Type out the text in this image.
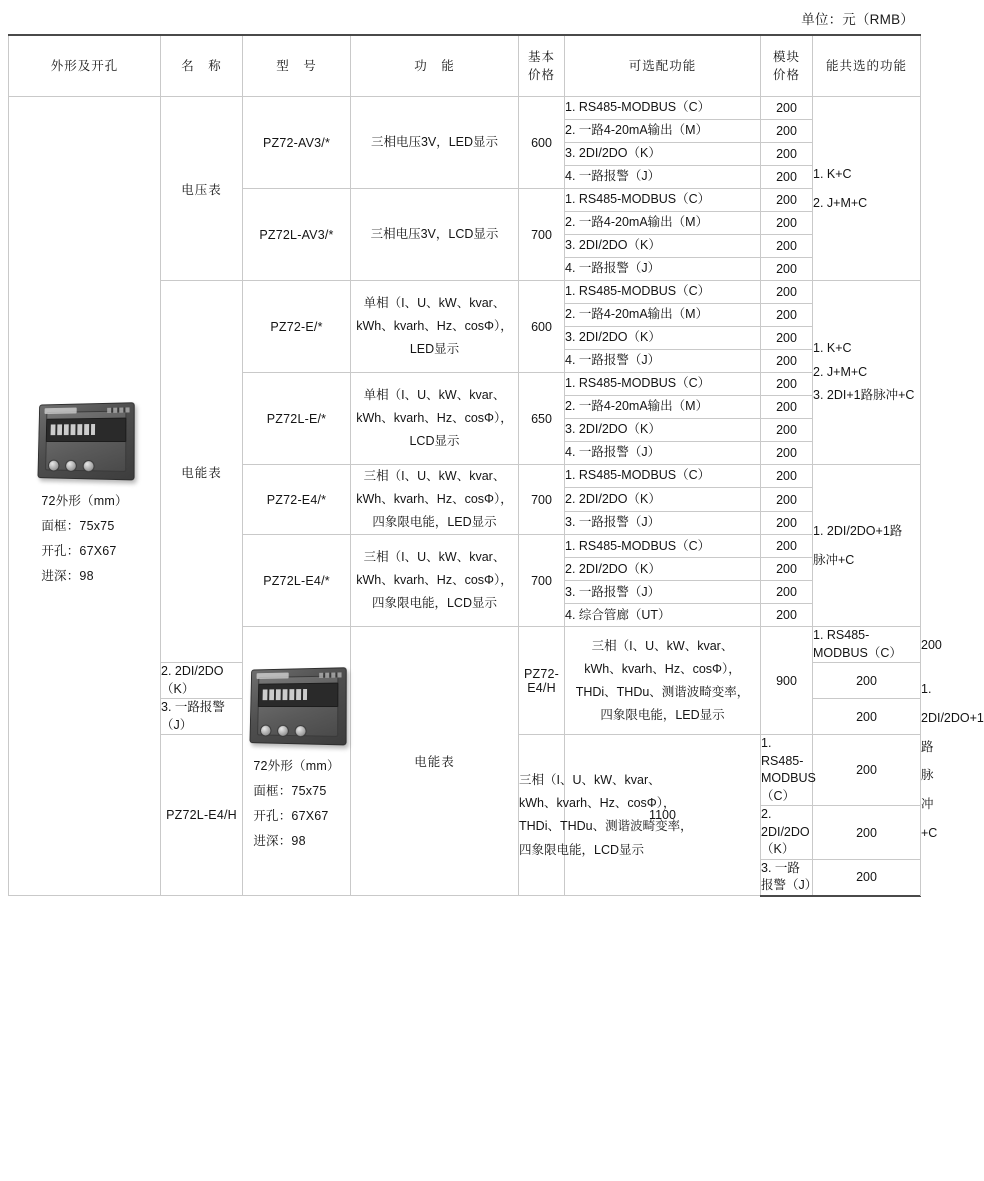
单位：元（RMB）
外形及开孔	名　称	型　号	功　能	
基本
价格
	可选配功能	
模块
价格
	能共选的功能

72外形（mm）
面框：75x75
开孔：67X67
进深：98	电压表	PZ72-AV3/*	三相电压3V，LED显示	600	1. RS485-MODBUS（C）	200	1. K+C
2. J+M+C	

					2. 一路4-20mA输出（M）	200		
					3. 2DI/2DO（K）	200		
					4. 一路报警（J）	200		
		PZ72L-AV3/*	三相电压3V，LCD显示	700	1. RS485-MODBUS（C）	200		
					2. 一路4-20mA输出（M）	200		
					3. 2DI/2DO（K）	200		
					4. 一路报警（J）	200		
	电能表	PZ72-E/*	单相（I、U、kW、kvar、
kWh、kvarh、Hz、cosΦ），
LED显示	600	1. RS485-MODBUS（C）	200	1. K+C
2. J+M+C
3. 2DI+1路脉冲+C	

					2. 一路4-20mA输出（M）	200		
					3. 2DI/2DO（K）	200		
					4. 一路报警（J）	200		
		PZ72L-E/*	单相（I、U、kW、kvar、
kWh、kvarh、Hz、cosΦ），
LCD显示	650	1. RS485-MODBUS（C）	200		
					2. 一路4-20mA输出（M）	200		
					3. 2DI/2DO（K）	200		
					4. 一路报警（J）	200		
		PZ72-E4/*	三相（I、U、kW、kvar、
kWh、kvarh、Hz、cosΦ），
四象限电能，LED显示	700	1. RS485-MODBUS（C）	200	1. 2DI/2DO+1路
脉冲+C	

					2. 2DI/2DO（K）	200		
					3. 一路报警（J）	200		
		PZ72L-E4/*	三相（I、U、kW、kvar、
kWh、kvarh、Hz、cosΦ），
四象限电能，LCD显示	700	1. RS485-MODBUS（C）	200		
					2. 2DI/2DO（K）	200		
					3. 一路报警（J）	200		
					4. 综合管廊（UT）	200		

		72外形（mm）
面框：75x75
开孔：67X67
进深：98	电能表	PZ72-E4/H	三相（I、U、kW、kvar、
kWh、kvarh、Hz、cosΦ），
THDi、THDu、测谐波畸变率，
四象限电能，LED显示	900	1. RS485-MODBUS（C）	200	1. 2DI/2DO+1路
脉冲+C

	2. 2DI/2DO（K）						200	
	3. 一路报警（J）						200	
	PZ72L-E4/H			三相（I、U、kW、kvar、
kWh、kvarh、Hz、cosΦ），
THDi、THDu、测谐波畸变率，
四象限电能，LCD显示	1100	1. RS485-MODBUS（C）	200	
						2. 2DI/2DO（K）	200	
						3. 一路报警（J）	200	
